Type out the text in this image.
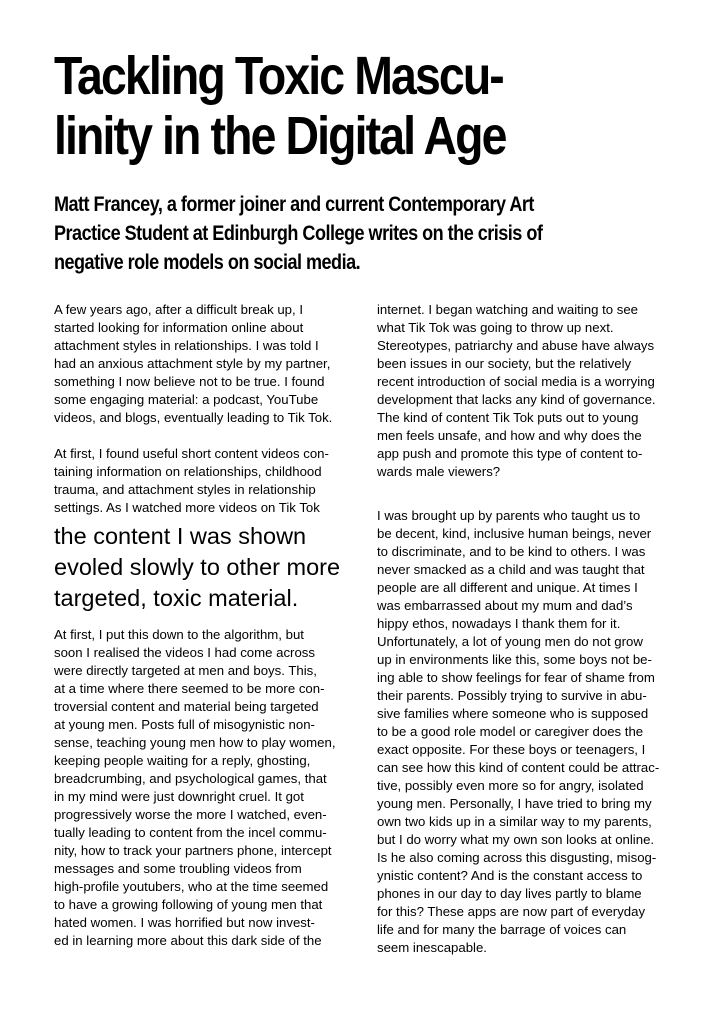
Tackling Toxic Mascu-
linity in the Digital Age
Matt Francey, a former joiner and current Contemporary Art
Practice Student at Edinburgh College writes on the crisis of
negative role models on social media.
A few years ago, after a difficult break up, I
started looking for information online about
attachment styles in relationships. I was told I
had an anxious attachment style by my partner,
something I now believe not to be true. I found
some engaging material: a podcast, YouTube
videos, and blogs, eventually leading to Tik Tok.
At first, I found useful short content videos con-
taining information on relationships, childhood
trauma, and attachment styles in relationship
settings. As I watched more videos on Tik Tok
the content I was shown
evoled slowly to other more
targeted, toxic material.
At first, I put this down to the algorithm, but
soon I realised the videos I had come across
were directly targeted at men and boys. This,
at a time where there seemed to be more con-
troversial content and material being targeted
at young men. Posts full of misogynistic non-
sense, teaching young men how to play women,
keeping people waiting for a reply, ghosting,
breadcrumbing, and psychological games, that
in my mind were just downright cruel. It got
progressively worse the more I watched, even-
tually leading to content from the incel commu-
nity, how to track your partners phone, intercept
messages and some troubling videos from
high-profile youtubers, who at the time seemed
to have a growing following of young men that
hated women. I was horrified but now invest-
ed in learning more about this dark side of the
internet. I began watching and waiting to see
what Tik Tok was going to throw up next.
Stereotypes, patriarchy and abuse have always
been issues in our society, but the relatively
recent introduction of social media is a worrying
development that lacks any kind of governance.
The kind of content Tik Tok puts out to young
men feels unsafe, and how and why does the
app push and promote this type of content to-
wards male viewers?
I was brought up by parents who taught us to
be decent, kind, inclusive human beings, never
to discriminate, and to be kind to others. I was
never smacked as a child and was taught that
people are all different and unique. At times I
was embarrassed about my mum and dad’s
hippy ethos, nowadays I thank them for it.
Unfortunately, a lot of young men do not grow
up in environments like this, some boys not be-
ing able to show feelings for fear of shame from
their parents. Possibly trying to survive in abu-
sive families where someone who is supposed
to be a good role model or caregiver does the
exact opposite. For these boys or teenagers, I
can see how this kind of content could be attrac-
tive, possibly even more so for angry, isolated
young men. Personally, I have tried to bring my
own two kids up in a similar way to my parents,
but I do worry what my own son looks at online.
Is he also coming across this disgusting, misog-
ynistic content? And is the constant access to
phones in our day to day lives partly to blame
for this? These apps are now part of everyday
life and for many the barrage of voices can
seem inescapable.
